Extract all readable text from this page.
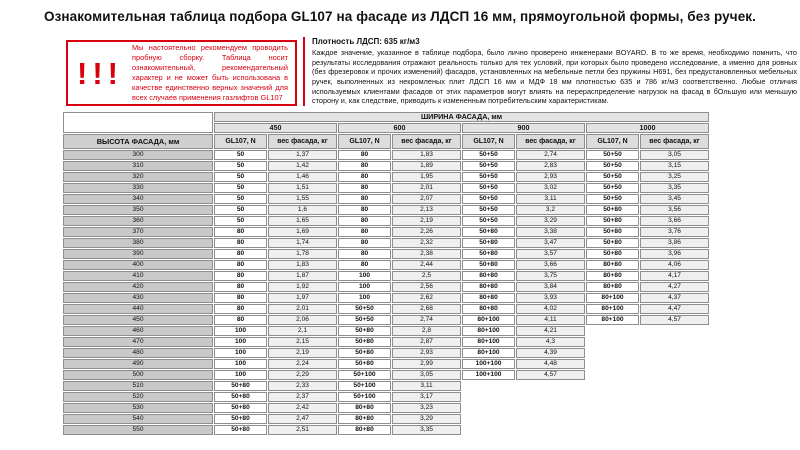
Ознакомительная таблица подбора GL107 на фасаде из ЛДСП 16 мм, прямоугольной формы, без ручек.
!!!
Мы настоятельно рекомендуем проводить пробную сборку. Таблица носит ознакомительный, рекомендательный характер и не может быть использована в качестве единственно верных значений для всех случаев применения газлифтов GL107
Плотность ЛДСП: 635 кг/м3
Каждое значение, указанное в таблице подбора, было лично проверено инженерами BOYARD. В то же время, необходимо помнить, что результаты исследования отражают реальность только для тех условий, при которых было проведено исследование, а именно для ровных (без фрезеровок и прочих изменений) фасадов, установленных на мебельные петли без пружины H691, без предустановленных мебельных ручек, выполненных из некромленых плит ЛДСП 16 мм и МДФ 18 мм плотностью 635 и 786 кг/м3 соответственно. Любые отличия используемых клиентами фасадов от этих параметров могут влиять на перераспределение нагрузок на фасад в бОльшую или меньшую сторону и, как следствие, приводить к измененным потребительским характеристикам.
	ШИРИНА ФАСАДА, мм							
	450		600		900		1000	
ВЫСОТА ФАСАДА, мм	GL107, N	вес фасада, кг	GL107, N	вес фасада, кг	GL107, N	вес фасада, кг	GL107, N	вес фасада, кг
300	50	1,37	80	1,83	50+50	2,74	50+50	3,05
310	50	1,42	80	1,89	50+50	2,83	50+50	3,15
320	50	1,46	80	1,95	50+50	2,93	50+50	3,25
330	50	1,51	80	2,01	50+50	3,02	50+50	3,35
340	50	1,55	80	2,07	50+50	3,11	50+50	3,45
350	50	1,6	80	2,13	50+50	3,2	50+80	3,56
360	50	1,65	80	2,19	50+50	3,29	50+80	3,66
370	80	1,69	80	2,26	50+80	3,38	50+80	3,76
380	80	1,74	80	2,32	50+80	3,47	50+80	3,86
390	80	1,78	80	2,38	50+80	3,57	50+80	3,96
400	80	1,83	80	2,44	50+80	3,66	80+80	4,06
410	80	1,87	100	2,5	80+80	3,75	80+80	4,17
420	80	1,92	100	2,56	80+80	3,84	80+80	4,27
430	80	1,97	100	2,62	80+80	3,93	80+100	4,37
440	80	2,01	50+50	2,68	80+80	4,02	80+100	4,47
450	80	2,06	50+50	2,74	80+100	4,11	80+100	4,57
460	100	2,1	50+80	2,8	80+100	4,21		
470	100	2,15	50+80	2,87	80+100	4,3		
480	100	2,19	50+80	2,93	80+100	4,39		
490	100	2,24	50+80	2,99	100+100	4,48		
500	100	2,29	50+100	3,05	100+100	4,57		
510	50+80	2,33	50+100	3,11				
520	50+80	2,37	50+100	3,17				
530	50+80	2,42	80+80	3,23				
540	50+80	2,47	80+80	3,29				
550	50+80	2,51	80+80	3,35				
